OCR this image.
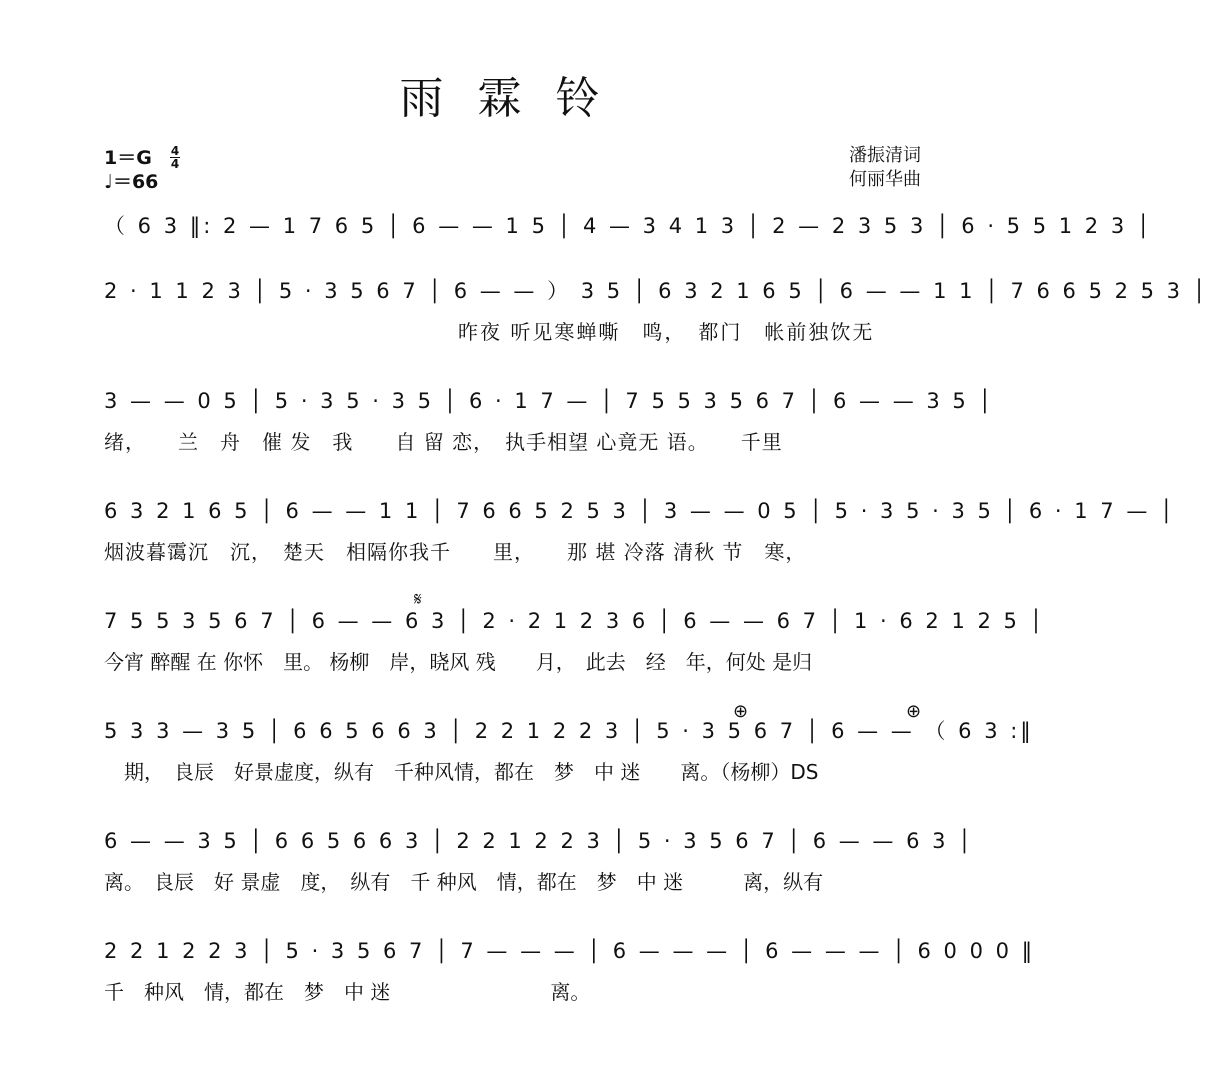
雨霖铃
$1=G \frac{4}{4}$
♩＝66
潘振清词
何丽华曲
（ 6 3 ‖: 2 — 1 7 6 5 │ 6 — — 1 5 │ 4 — 3 4 1 3 │ 2 — 2 3 5 3 │ 6 · 5 5 1 2 3 │
2 · 1 1 2 3 │ 5 · 3 5 6 7 │ 6 — — ） 3 5 │ 6 3 2 1 6 5 │ 6 — — 1 1 │ 7 6 6 5 2 5 3 │
昨夜 听见寒蝉嘶　鸣，　都门　帐前独饮无
3 — — 0 5 │ 5 · 3 5 · 3 5 │ 6 · 1 7 — │ 7 5 5 3 5 6 7 │ 6 — — 3 5 │
绪，　　兰　舟　催 发　我　　自 留 恋，　执手相望 心竟无 语。　　千里
6 3 2 1 6 5 │ 6 — — 1 1 │ 7 6 6 5 2 5 3 │ 3 — — 0 5 │ 5 · 3 5 · 3 5 │ 6 · 1 7 — │
烟波暮霭沉　沉，　楚天　相隔你我千　　里，　　那 堪 冷落 清秋 节　寒，
𝄋
7 5 5 3 5 6 7 │ 6 — — 6 3 │ 2 · 2 1 2 3 6 │ 6 — — 6 7 │ 1 · 6 2 1 2 5 │
今宵 醉醒 在 你怀　里。 杨柳　岸，晓风 残　　月，　此去　经　年，何处 是归
⊕	⊕
5 3 3 — 3 5 │ 6 6 5 6 6 3 │ 2 2 1 2 2 3 │ 5 · 3 5 6 7 │ 6 — — （ 6 3 :‖
　期，　良辰　好景虚度，纵有　千种风情，都在　梦　中 迷　　离。（杨柳）DS
6 — — 3 5 │ 6 6 5 6 6 3 │ 2 2 1 2 2 3 │ 5 · 3 5 6 7 │ 6 — — 6 3 │
离。　良辰　好 景虚　度，　纵有　千 种风　情，都在　梦　中 迷　　　离，纵有
2 2 1 2 2 3 │ 5 · 3 5 6 7 │ 7 — — — │ 6 — — — │ 6 — — — │ 6 0 0 0 ‖
千　种风　情，都在　梦　中 迷　　　　　　　　离。
